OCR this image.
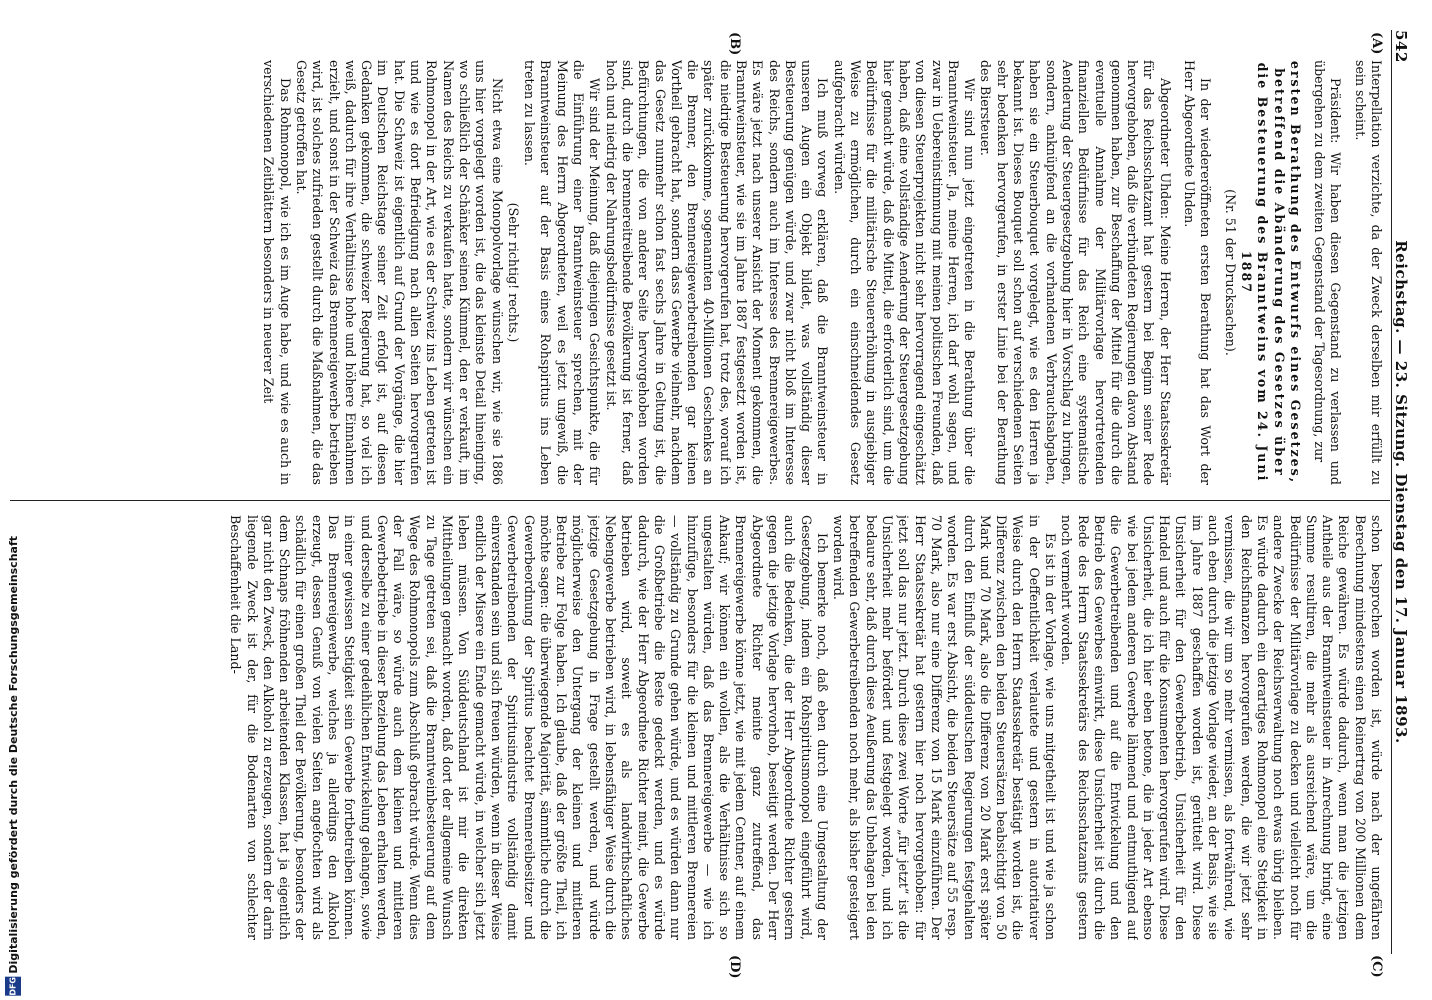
542
Reichstag. — 23. Sitzung. Dienstag den 17. Januar 1893.
(A)
(B)
(C)
(D)

Interpellation verzichte, da der Zweck derselben mir erfüllt zu sein scheint.

Präsident: Wir haben diesen Gegenstand zu verlassen und übergehen zu dem zweiten Gegenstand der Tagesordnung, zur

ersten Berathung des Entwurfs eines Gesetzes, betreffend die Abänderung des Gesetzes über die Besteuerung des Branntweins vom 24. Juni 1887

(Nr. 51 der Drucksachen).

In der wiedereröffneten ersten Berathung hat das Wort der Herr Abgeordnete Uhden.

Abgeordneter Uhden: Meine Herren, der Herr Staatssekretär für das Reichsschatzamt hat gestern bei Beginn seiner Rede hervorgehoben, daß die verbündeten Regierungen davon Abstand genommen haben, zur Beschaffung der Mittel für die durch die eventuelle Annahme der Militärvorlage hervortretenden finanziellen Bedürfnisse für das Reich eine systematische Aenderung der Steuergesetzgebung hier in Vorschlag zu bringen, sondern, anknüpfend an die vorhandenen Verbrauchsabgaben, haben sie ein Steuerbouquet vorgelegt, wie es den Herren ja bekannt ist. Dieses Bouquet soll schon auf verschiedenen Seiten sehr bedenken hervorgerufen, in erster Linie bei der Berathung des Biersteuer.

Wir sind nun jetzt eingetreten in die Berathung über die Branntweinsteuer. Ja, meine Herren, ich darf wohl sagen, und zwar in Uebereinstimmung mit meinen politischen Freunden, daß von diesen Steuerprojekten nicht sehr hervorragend eingeschätzt haben, daß eine vollständige Aenderung der Steuergesetzgebung hier gemacht würde, daß die Mittel, die erforderlich sind, um die Bedürfnisse für die militärische Steuererhöhung in ausgiebiger Weise zu ermöglichen, durch ein einschneidendes Gesetz aufgebracht würden.

Ich muß vorweg erklären, daß die Branntweinsteuer in unseren Augen ein Objekt bildet, was vollständig dieser Besteuerung genügen würde, und zwar nicht bloß im Interesse des Reichs, sondern auch im Interesse des Brennereigewerbes. Es wäre jetzt nach unserer Ansicht der Moment gekommen, die Branntweinsteuer, wie sie im Jahre 1887 festgesetzt worden ist, die niedrige Besteuerung hervorgerufen hat, trotz des, worauf ich später zurückkomme, sogenannten 40-Millionen Geschenkes an die Brenner, den Brennereigewerbetreibenden gar keinen Vortheil gebracht hat, sondern dass Gewerbe vielmehr, nachdem das Gesetz nunmehr schon fast sechs Jahre in Geltung ist, die Befürchtungen, die von anderer Seite hervorgehoben worden sind, durch die brennereitreibende Bevölkerung ist ferner, daß hoch und niedrig der Nahrungsbedürfnisse gesetzt ist.

Wir sind der Meinung, daß diejenigen Gesichtspunkte, die für die Einführung einer Branntweinsteuer sprechen, mit der Meinung des Herrn Abgeordneten, weil es jetzt ungewiß, die Branntweinsteuer auf der Basis eines Rohspiritus ins Leben treten zu lassen.

(Sehr richtig! rechts.)

Nicht etwa eine Monopolvorlage wünschen wir, wie sie 1886 uns hier vorgelegt worden ist, die das kleinste Detail hineinging, wo schließlich der Schänker seinen Kümmel, den er verkauft, im Namen des Reichs zu verkaufen hatte, sondern wir wünschen ein Rohmonopol in der Art, wie es der Schweiz ins Leben getreten ist und wie es dort Befriedigung nach allen Seiten hervorgerufen hat. Die Schweiz ist eigentlich auf Grund der Vorgänge, die hier im Deutschen Reichstage seiner Zeit erfolgt ist, auf diesen Gedanken gekommen, die schweizer Regierung hat, so viel ich weiß, dadurch für ihre Verhältnisse hohe und höhere Einnahmen erzielt, und sonst in der Schweiz das Brennereigewerbe betrieben wird, ist solches zufrieden gestellt durch die Maßnahmen, die das Gesetz getroffen hat.

Das Rohmonopol, wie ich es im Auge habe, und wie es auch in verschiedenen Zeitblättern besonders in neuerer Zeit

schon besprochen worden ist, würde nach der ungefähren Berechnung mindestens einen Reinertrag von 200 Millionen dem Reiche gewähren. Es würde dadurch, wenn man die jetzigen Antheile aus der Branntweinsteuer in Anrechnung bringt, eine Summe resultiren, die mehr als ausreichend wäre, um die Bedürfnisse der Militärvorlage zu decken und vielleicht noch für andere Zwecke der Reichsverwaltung noch etwas übrig bleiben. Es würde dadurch ein derartiges Rohmonopol eine Stetigkeit in den Reichsfinanzen hervorgerufen werden, die wir jetzt sehr vermissen, die wir um so mehr vermissen, als fortwährend, wie auch eben durch die jetzige Vorlage wieder, an der Basis, wie sie im Jahre 1887 geschaffen worden ist, gerüttelt wird. Diese Unsicherheit für den Gewerbebetrieb, Unsicherheit für den Handel und auch für die Konsumenten hervorgerufen wird. Diese Unsicherheit, die ich hier eben betone, die in jeder Art ebenso wie bei jedem anderen Gewerbe lähmend und entmuthigend auf die Gewerbetreibenden und auf die Entwickelung und den Betrieb des Gewerbes einwirkt, diese Unsicherheit ist durch die Rede des Herrn Staatssekretärs des Reichsschatzamts gestern noch vermehrt worden.

Es ist in der Vorlage, wie uns mitgetheilt ist und wie ja schon in der Oeffentlichkeit verlautete und gestern in autoritativer Weise durch den Herrn Staatssekretär bestätigt worden ist, die Differenz zwischen den beiden Steuersätzen beabsichtigt von 50 Mark und 70 Mark, also die Differenz von 20 Mark erst später durch den Einfluß der süddeutschen Regierungen festgehalten worden. Es war erst Absicht, die beiden Steuersätze auf 55 resp. 70 Mark, also nur eine Differenz von 15 Mark einzuführen. Der Herr Staatssekretär hat gestern hier noch hervorgehoben: für jetzt soll das nur jetzt. Durch diese zwei Worte „für jetzt“ ist die Unsicherheit mehr befördert und festgelegt worden, und ich bedaure sehr, daß durch diese Aeußerung das Unbehagen bei den betreffenden Gewerbetreibenden noch mehr, als bisher gesteigert worden wird.

Ich bemerke noch, daß eben durch eine Umgestaltung der Gesetzgebung, indem ein Rohspiritusmonopol eingeführt wird, auch die Bedenken, die der Herr Abgeordnete Richter gestern gegen die jetzige Vorlage hervorhob, beseitigt werden. Der Herr Abgeordnete Richter meinte ganz zutreffend, das Brennereigewerbe könne jetzt, wie mit jedem Centner, auf einem Ankauf; wir können ein wollen, als die Verhältnisse sich so ungestalten würden, daß das Brennereigewerbe — wie ich hinzufüge, besonders für die kleinen und mittleren Brennereien — vollständig zu Grunde gehen würde, und es würden dann nur die Großbetriebe die Reste gedeckt werden, und es würde dadurch, wie der Herr Abgeordnete Richter meint, die Gewerbe betrieben wird, soweit es als landwirthschaftliches Nebengewerbe betrieben wird, in lebensfähiger Weise durch die jetzige Gesetzgebung in Frage gestellt werden, und würde möglicherweise den Untergang der kleinen und mittleren Betriebe zur Folge haben. Ich glaube, daß der größte Theil, ich möchte sagen: die überwiegende Majorität, sämmtliche durch die Gewerbeordnung der Spiritus beachtet Brennereibesitzer und Gewerbetreibenden der Spiritusindustrie vollständig damit einverstanden sein und sich freuen würden, wenn in dieser Weise endlich der Misere ein Ende gemacht würde, in welcher sich jetzt leben müssen. Von Süddeutschland ist mir die direkten Mittheilungen gemacht worden, daß dort der allgemeine Wunsch zu Tage getreten sei, daß die Branntweinbesteuerung auf dem Wege des Rohmonopols zum Abschluß gebracht würde. Wenn dies der Fall wäre, so würde auch dem kleinen und mittleren Gewerbebetriebe in dieser Beziehung das Leben erhalten werden, und derselbe zu einer gedeihlichen Entwickelung gelangen, sowie in einer gewissen Stetigkeit sein Gewerbe fortbetreiben können. Das Brennereigewerbe, welches ja allerdings den Alkohol erzeugt, dessen Genuß von vielen Seiten angefochten wird als schädlich für einen großen Theil der Bevölkerung, besonders der dem Schnaps fröhnenden arbeitenden Klassen, hat ja eigentlich gar nicht den Zweck, den Alkohol zu erzeugen, sondern der darin liegende Zweck ist der, für die Bodenarten von schlechter Beschaffenheit die Land-

Digitalisierung gefördert durch die Deutsche Forschungsgemeinschaft
DFG
